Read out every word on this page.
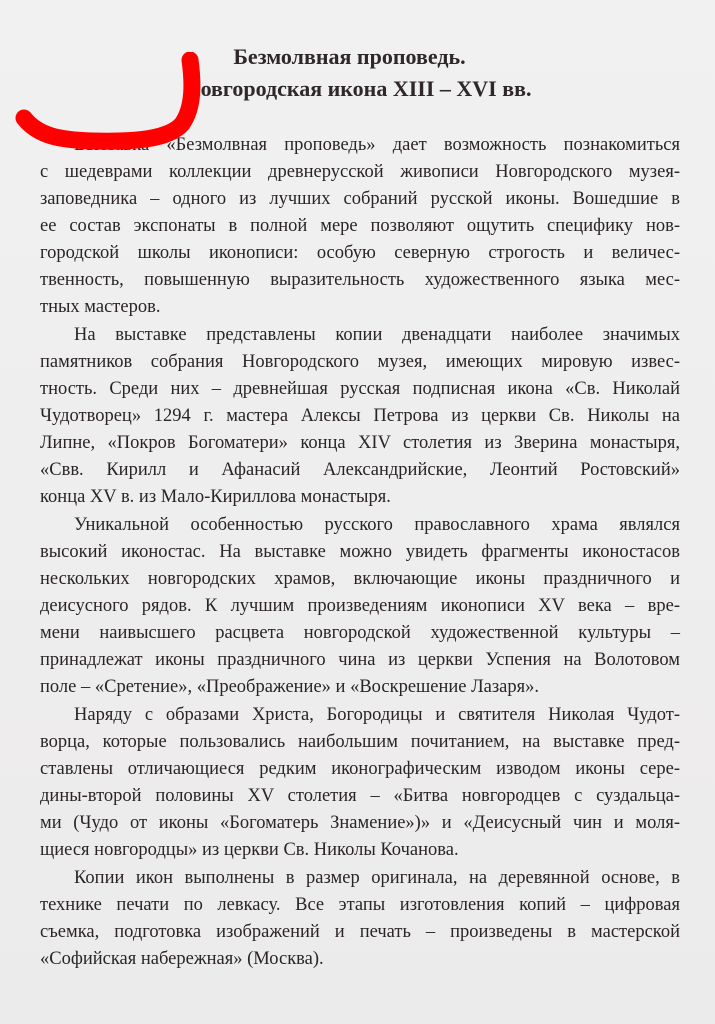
Безмолвная проповедь.
Новгородская икона XIII – XVI вв.
Выставка «Безмолвная проповедь» дает возможность познакомиться
с шедеврами коллекции древнерусской живописи Новгородского музея-
заповедника – одного из лучших собраний русской иконы. Вошедшие в
ее состав экспонаты в полной мере позволяют ощутить специфику нов-
городской школы иконописи: особую северную строгость и величес-
твенность, повышенную выразительность художественного языка мес-
тных мастеров.
На выставке представлены копии двенадцати наиболее значимых
памятников собрания Новгородского музея, имеющих мировую извес-
тность. Среди них – древнейшая русская подписная икона «Св. Николай
Чудотворец» 1294 г. мастера Алексы Петрова из церкви Св. Николы на
Липне, «Покров Богоматери» конца XIV столетия из Зверина монастыря,
«Свв. Кирилл и Афанасий Александрийские, Леонтий Ростовский»
конца XV в. из Мало-Кириллова монастыря.
Уникальной особенностью русского православного храма являлся
высокий иконостас. На выставке можно увидеть фрагменты иконостасов
нескольких новгородских храмов, включающие иконы праздничного и
деисусного рядов. К лучшим произведениям иконописи XV века – вре-
мени наивысшего расцвета новгородской художественной культуры –
принадлежат иконы праздничного чина из церкви Успения на Волотовом
поле – «Сретение», «Преображение» и «Воскрешение Лазаря».
Наряду с образами Христа, Богородицы и святителя Николая Чудот-
ворца, которые пользовались наибольшим почитанием, на выставке пред-
ставлены отличающиеся редким иконографическим изводом иконы сере-
дины-второй половины XV столетия – «Битва новгородцев с суздальца-
ми (Чудо от иконы «Богоматерь Знамение»)» и «Деисусный чин и моля-
щиеся новгородцы» из церкви Св. Николы Кочанова.
Копии икон выполнены в размер оригинала, на деревянной основе, в
технике печати по левкасу. Все этапы изготовления копий – цифровая
съемка, подготовка изображений и печать – произведены в мастерской
«Софийская набережная» (Москва).
